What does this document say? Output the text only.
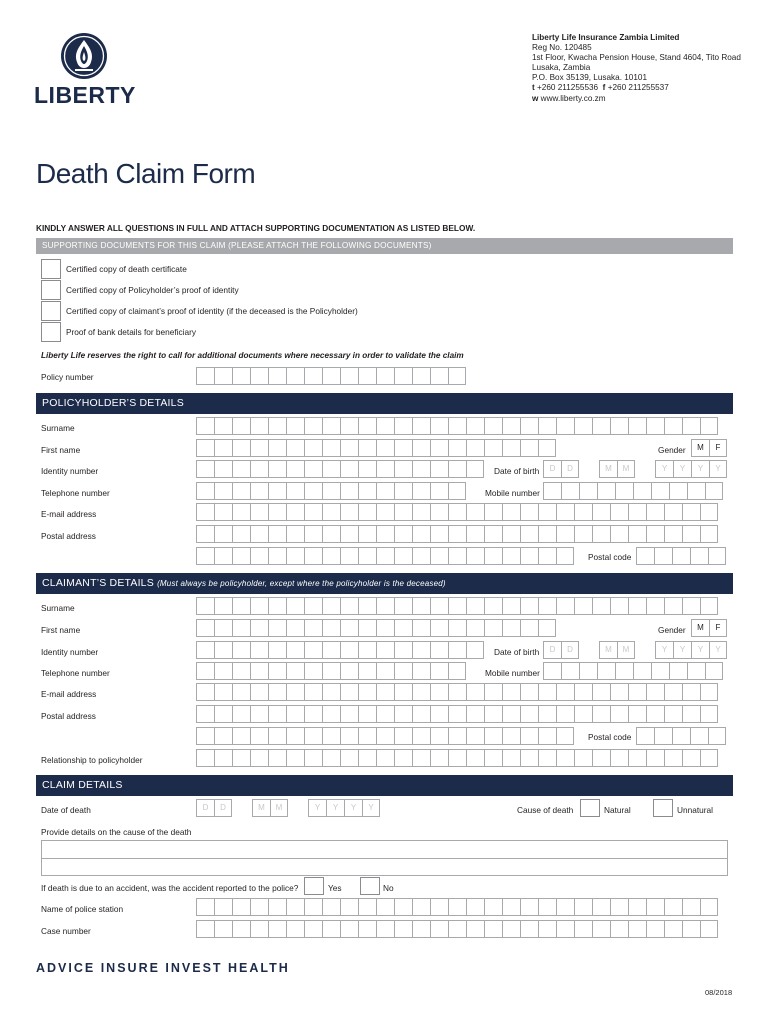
LIBERTY
Liberty Life Insurance Zambia Limited
Reg No. 120485
1st Floor, Kwacha Pension House, Stand 4604, Tito Road
Lusaka, Zambia
P.O. Box 35139, Lusaka. 10101
t +260 211255536 f +260 211255537
w www.liberty.co.zm
Death Claim Form
KINDLY ANSWER ALL QUESTIONS IN FULL AND ATTACH SUPPORTING DOCUMENTATION AS LISTED BELOW.
SUPPORTING DOCUMENTS FOR THIS CLAIM (PLEASE ATTACH THE FOLLOWING DOCUMENTS)
Certified copy of death certificate
Certified copy of Policyholder’s proof of identity
Certified copy of claimant’s proof of identity (if the deceased is the Policyholder)
Proof of bank details for beneficiary
Liberty Life reserves the right to call for additional documents where necessary in order to validate the claim
Policy number
POLICYHOLDER’S DETAILS
Surname
First name	Gender	M	F
Identity number	Date of birth	D	D	M	M	Y	Y	Y	Y
Telephone number	Mobile number
E-mail address
Postal address
Postal code
CLAIMANT’S DETAILS (Must always be policyholder, except where the policyholder is the deceased)
Surname
First name	Gender	M	F
Identity number	Date of birth	D	D	M	M	Y	Y	Y	Y
Telephone number	Mobile number
E-mail address
Postal address
Postal code
Relationship to policyholder
CLAIM DETAILS
Date of death	D	D	M	M	Y	Y	Y	Y	Cause of death	Natural	Unnatural
Provide details on the cause of the death
If death is due to an accident, was the accident reported to the police?	Yes	No
Name of police station
Case number
ADVICE INSURE INVEST HEALTH
08/2018
